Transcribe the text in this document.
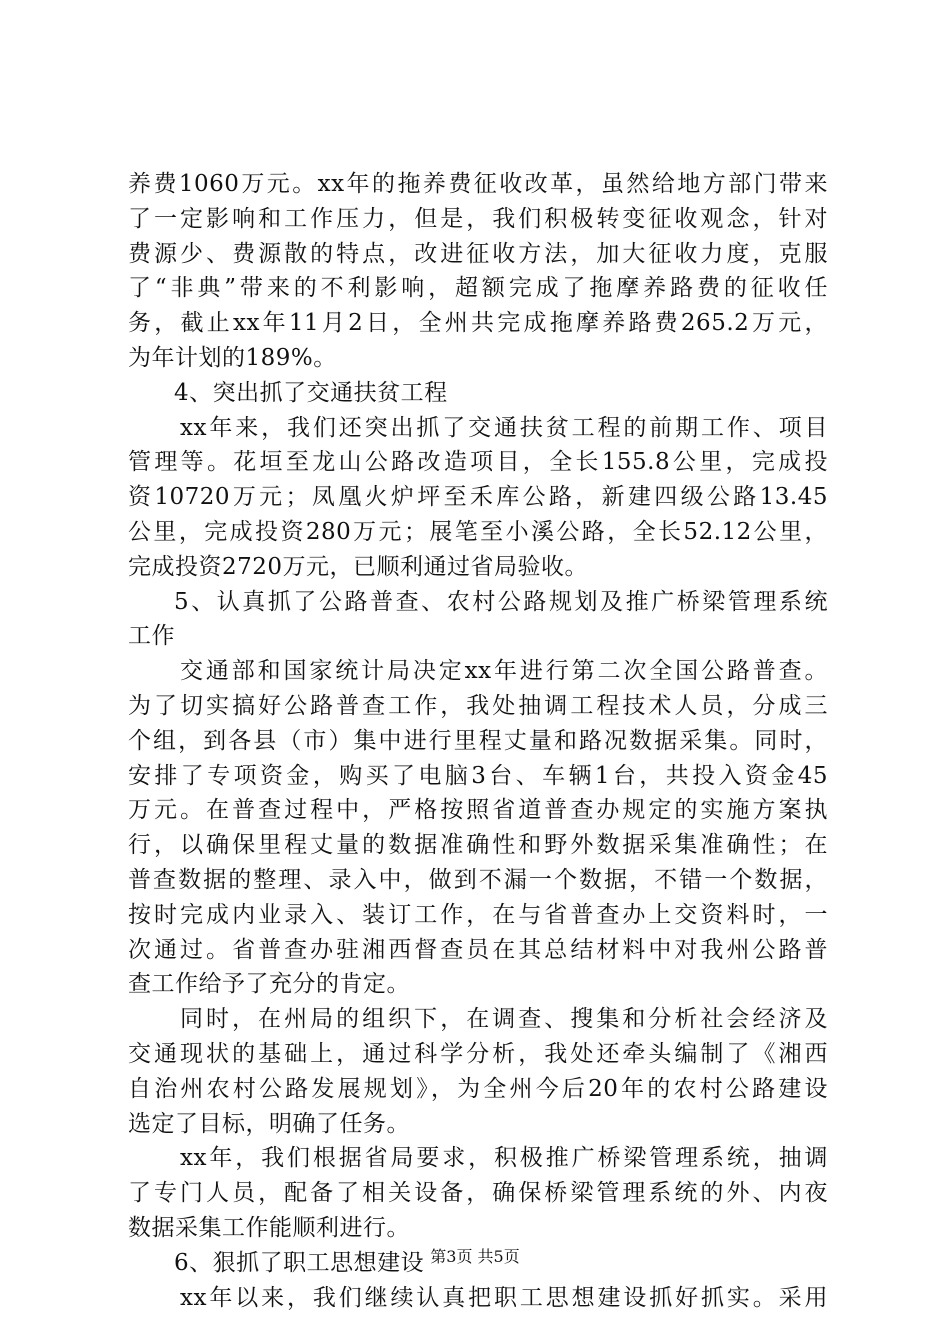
养费1060万元。xx年的拖养费征收改革，虽然给地方部门带来
了一定影响和工作压力，但是，我们积极转变征收观念，针对
费源少、费源散的特点，改进征收方法，加大征收力度，克服
了“非典”带来的不利影响，超额完成了拖摩养路费的征收任
务，截止xx年11月2日，全州共完成拖摩养路费265.2万元，
为年计划的189%。
4、突出抓了交通扶贫工程
xx年来，我们还突出抓了交通扶贫工程的前期工作、项目
管理等。花垣至龙山公路改造项目，全长155.8公里，完成投
资10720万元；凤凰火炉坪至禾库公路，新建四级公路13.45
公里，完成投资280万元；展笔至小溪公路，全长52.12公里，
完成投资2720万元，已顺利通过省局验收。
5、认真抓了公路普查、农村公路规划及推广桥梁管理系统
工作
交通部和国家统计局决定xx年进行第二次全国公路普查。
为了切实搞好公路普查工作，我处抽调工程技术人员，分成三
个组，到各县（市）集中进行里程丈量和路况数据采集。同时，
安排了专项资金，购买了电脑3台、车辆1台，共投入资金45
万元。在普查过程中，严格按照省道普查办规定的实施方案执
行，以确保里程丈量的数据准确性和野外数据采集准确性；在
普查数据的整理、录入中，做到不漏一个数据，不错一个数据，
按时完成内业录入、装订工作，在与省普查办上交资料时，一
次通过。省普查办驻湘西督查员在其总结材料中对我州公路普
查工作给予了充分的肯定。
同时，在州局的组织下，在调查、搜集和分析社会经济及
交通现状的基础上，通过科学分析，我处还牵头编制了《湘西
自治州农村公路发展规划》，为全州今后20年的农村公路建设
选定了目标，明确了任务。
xx年，我们根据省局要求，积极推广桥梁管理系统，抽调
了专门人员，配备了相关设备，确保桥梁管理系统的外、内夜
数据采集工作能顺利进行。
6、狠抓了职工思想建设
xx年以来，我们继续认真把职工思想建设抓好抓实。采用
第3页 共5页
